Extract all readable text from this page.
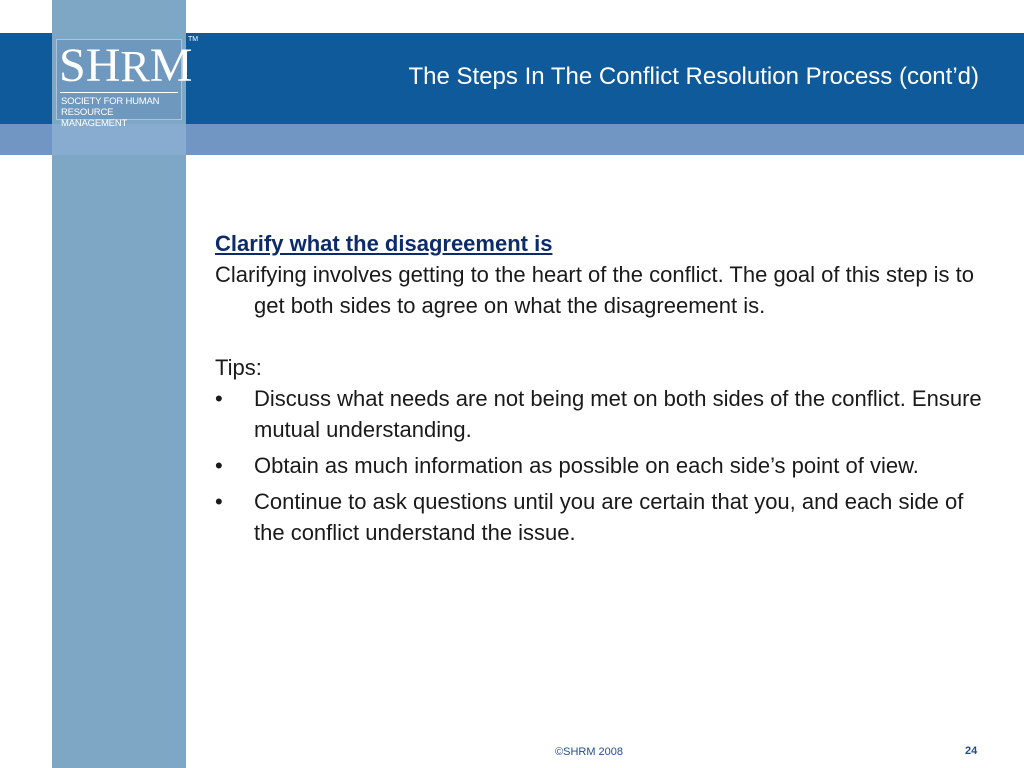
SHRM
SOCIETY FOR HUMAN
RESOURCE MANAGEMENT
TM
The Steps In The Conflict Resolution Process (cont’d)

Clarify what the disagreement is

Clarifying involves getting to the heart of the conflict. The goal of this step is to get both sides to agree on what the disagreement is.

Tips:

•	Discuss what needs are not being met on both sides of the conflict. Ensure mutual understanding.
•	Obtain as much information as possible on each side’s point of view.
•	Continue to ask questions until you are certain that you, and each side of the conflict understand the issue.
©SHRM 2008	24
